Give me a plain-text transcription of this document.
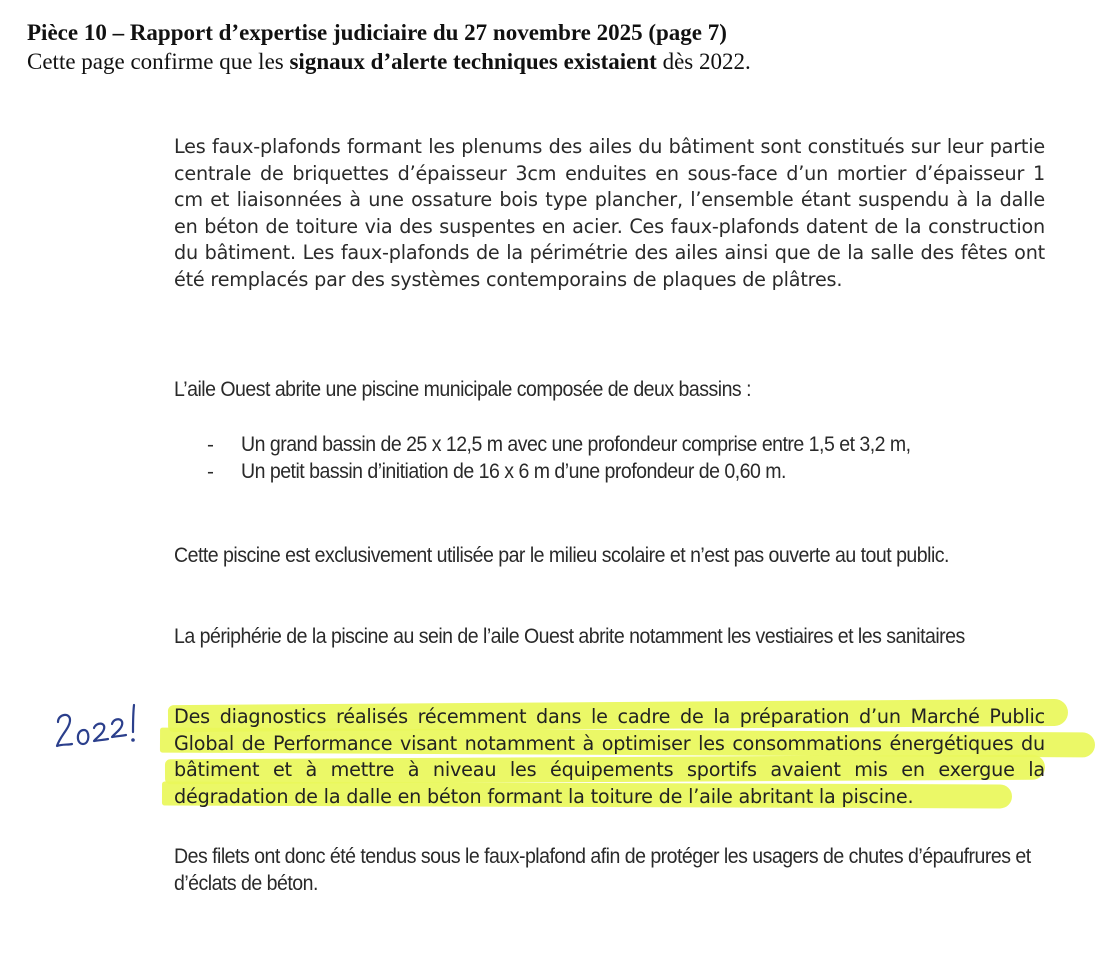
Pièce 10 – Rapport d’expertise judiciaire du 27 novembre 2025 (page 7)
Cette page confirme que les signaux d’alerte techniques existaient dès 2022.
Les faux-plafonds formant les plenums des ailes du bâtiment sont constitués sur leur partie centrale de briquettes d’épaisseur 3cm enduites en sous-face d’un mortier d’épaisseur 1 cm et liaisonnées à une ossature bois type plancher, l’ensemble étant suspendu à la dalle en béton de toiture via des suspentes en acier. Ces faux-plafonds datent de la construction du bâtiment. Les faux-plafonds de la périmétrie des ailes ainsi que de la salle des fêtes ont été remplacés par des systèmes contemporains de plaques de plâtres.
L’aile Ouest abrite une piscine municipale composée de deux bassins :
- Un grand bassin de 25 x 12,5 m avec une profondeur comprise entre 1,5 et 3,2 m,
- Un petit bassin d’initiation de 16 x 6 m d’une profondeur de 0,60 m.
Cette piscine est exclusivement utilisée par le milieu scolaire et n’est pas ouverte au tout public.
La périphérie de la piscine au sein de l’aile Ouest abrite notamment les vestiaires et les sanitaires
Des diagnostics réalisés récemment dans le cadre de la préparation d’un Marché Public Global de Performance visant notamment à optimiser les consommations énergétiques du bâtiment et à mettre à niveau les équipements sportifs avaient mis en exergue la dégradation de la dalle en béton formant la toiture de l’aile abritant la piscine.
Des filets ont donc été tendus sous le faux-plafond afin de protéger les usagers de chutes d’épaufrures et d’éclats de béton.
